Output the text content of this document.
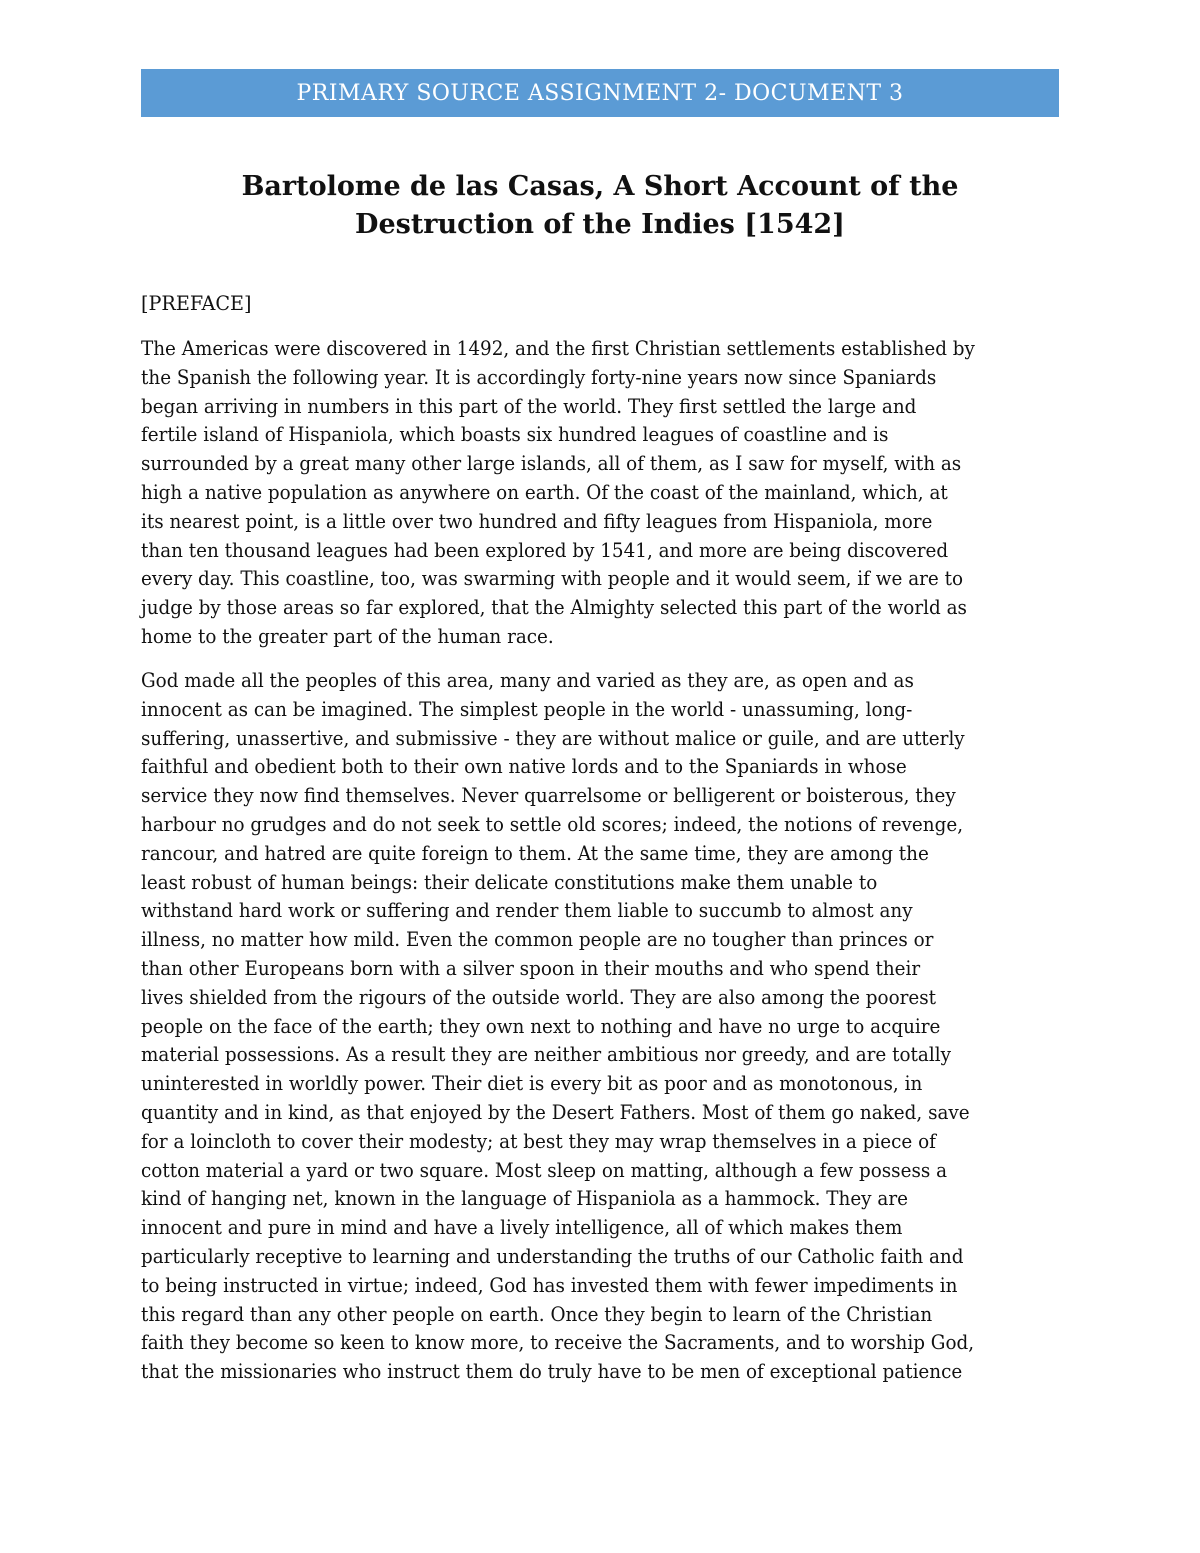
PRIMARY SOURCE ASSIGNMENT 2- DOCUMENT 3
Bartolome de las Casas, A Short Account of the
Destruction of the Indies [1542]
[PREFACE]
The Americas were discovered in 1492, and the first Christian settlements established by
the Spanish the following year. It is accordingly forty-nine years now since Spaniards
began arriving in numbers in this part of the world. They first settled the large and
fertile island of Hispaniola, which boasts six hundred leagues of coastline and is
surrounded by a great many other large islands, all of them, as I saw for myself, with as
high a native population as anywhere on earth. Of the coast of the mainland, which, at
its nearest point, is a little over two hundred and fifty leagues from Hispaniola, more
than ten thousand leagues had been explored by 1541, and more are being discovered
every day. This coastline, too, was swarming with people and it would seem, if we are to
judge by those areas so far explored, that the Almighty selected this part of the world as
home to the greater part of the human race.
God made all the peoples of this area, many and varied as they are, as open and as
innocent as can be imagined. The simplest people in the world - unassuming, long-
suffering, unassertive, and submissive - they are without malice or guile, and are utterly
faithful and obedient both to their own native lords and to the Spaniards in whose
service they now find themselves. Never quarrelsome or belligerent or boisterous, they
harbour no grudges and do not seek to settle old scores; indeed, the notions of revenge,
rancour, and hatred are quite foreign to them. At the same time, they are among the
least robust of human beings: their delicate constitutions make them unable to
withstand hard work or suffering and render them liable to succumb to almost any
illness, no matter how mild. Even the common people are no tougher than princes or
than other Europeans born with a silver spoon in their mouths and who spend their
lives shielded from the rigours of the outside world. They are also among the poorest
people on the face of the earth; they own next to nothing and have no urge to acquire
material possessions. As a result they are neither ambitious nor greedy, and are totally
uninterested in worldly power. Their diet is every bit as poor and as monotonous, in
quantity and in kind, as that enjoyed by the Desert Fathers. Most of them go naked, save
for a loincloth to cover their modesty; at best they may wrap themselves in a piece of
cotton material a yard or two square. Most sleep on matting, although a few possess a
kind of hanging net, known in the language of Hispaniola as a hammock. They are
innocent and pure in mind and have a lively intelligence, all of which makes them
particularly receptive to learning and understanding the truths of our Catholic faith and
to being instructed in virtue; indeed, God has invested them with fewer impediments in
this regard than any other people on earth. Once they begin to learn of the Christian
faith they become so keen to know more, to receive the Sacraments, and to worship God,
that the missionaries who instruct them do truly have to be men of exceptional patience
